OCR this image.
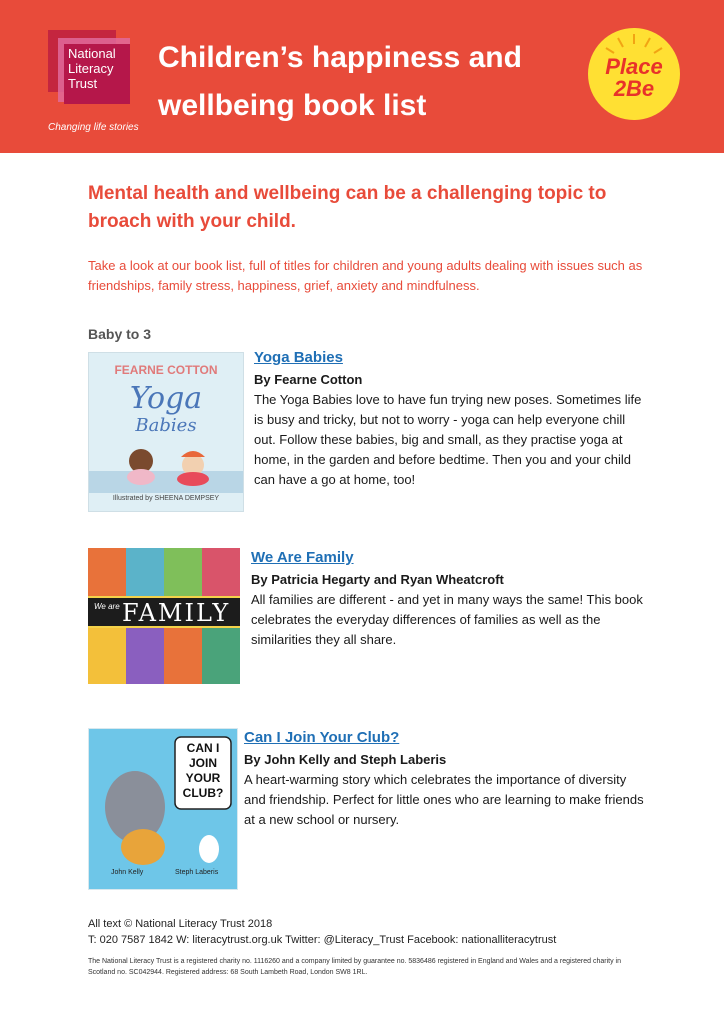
National
Literacy
Trust
Changing life stories
Children’s happiness and
wellbeing book list
Place
2Be
Mental health and wellbeing can be a challenging topic to broach with your child.
Take a look at our book list, full of titles for children and young adults dealing with issues such as friendships, family stress, happiness, grief, anxiety and mindfulness.
Baby to 3
FEARNE COTTON
Yoga
Babies
Illustrated by SHEENA DEMPSEY
Yoga Babies
By Fearne Cotton
The Yoga Babies love to have fun trying new poses. Sometimes life is busy and tricky, but not to worry - yoga can help everyone chill out. Follow these babies, big and small, as they practise yoga at home, in the garden and before bedtime. Then you and your child can have a go at home, too!
We are FAMILY
We Are Family
By Patricia Hegarty and Ryan Wheatcroft
All families are different - and yet in many ways the same! This book celebrates the everyday differences of families as well as the similarities they all share.
CAN I JOIN YOUR CLUB?
John Kelly	Steph Laberis
Can I Join Your Club?
By John Kelly and Steph Laberis
A heart-warming story which celebrates the importance of diversity and friendship. Perfect for little ones who are learning to make friends at a new school or nursery.
All text © National Literacy Trust 2018
T: 020 7587 1842 W: literacytrust.org.uk Twitter: @Literacy_Trust Facebook: nationalliteracytrust
The National Literacy Trust is a registered charity no. 1116260 and a company limited by guarantee no. 5836486 registered in England and Wales and a registered charity in Scotland no. SC042944. Registered address: 68 South Lambeth Road, London SW8 1RL.
